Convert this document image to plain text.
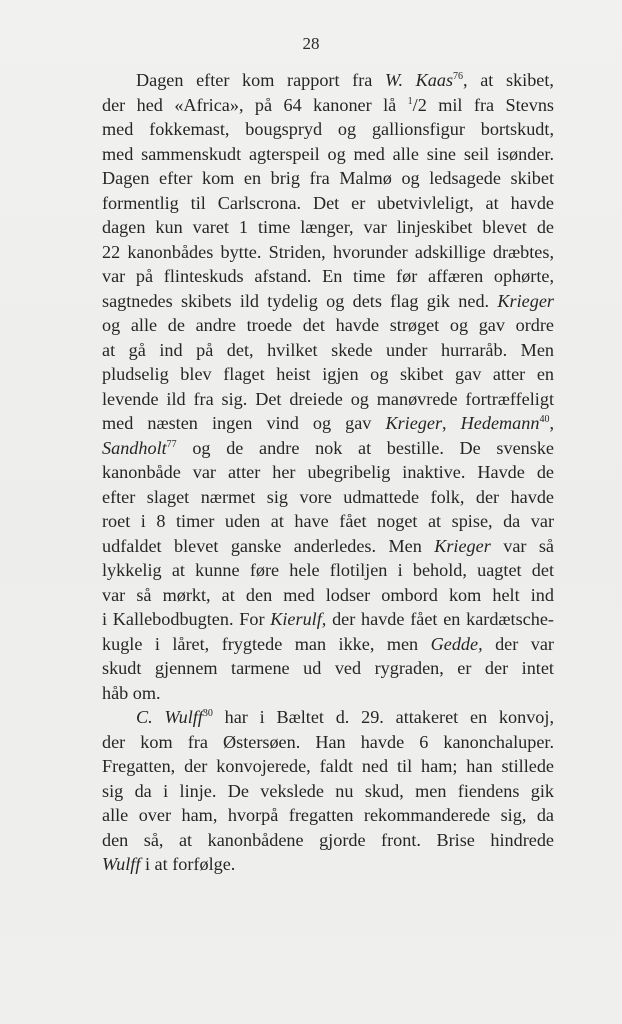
28
Dagen efter kom rapport fra W. Kaas$^{76}$, at skibet,
der hed «Africa», på 64 kanoner lå $^1$/2 mil fra Stevns
med fokkemast, bougspryd og gallionsfigur bortskudt,
med sammenskudt agterspeil og med alle sine seil isønder.
Dagen efter kom en brig fra Malmø og ledsagede skibet
formentlig til Carlscrona. Det er ubetvivleligt, at havde
dagen kun varet 1 time længer, var linjeskibet blevet de
22 kanonbådes bytte. Striden, hvorunder adskillige dræbtes,
var på flinteskuds afstand. En time før affæren ophørte,
sagtnedes skibets ild tydelig og dets flag gik ned. Krieger
og alle de andre troede det havde strøget og gav ordre
at gå ind på det, hvilket skede under hurraråb. Men
pludselig blev flaget heist igjen og skibet gav atter en
levende ild fra sig. Det dreiede og manøvrede fortræffeligt
med næsten ingen vind og gav Krieger, Hedemann$^{40}$,
Sandholt$^{77}$ og de andre nok at bestille. De svenske
kanonbåde var atter her ubegribelig inaktive. Havde de
efter slaget nærmet sig vore udmattede folk, der havde
roet i 8 timer uden at have fået noget at spise, da var
udfaldet blevet ganske anderledes. Men Krieger var så
lykkelig at kunne føre hele flotiljen i behold, uagtet det
var så mørkt, at den med lodser ombord kom helt ind
i Kallebodbugten. For Kierulf, der havde fået en kardætsche-
kugle i låret, frygtede man ikke, men Gedde, der var
skudt gjennem tarmene ud ved rygraden, er der intet
håb om.
C. Wulff$^{30}$ har i Bæltet d. 29. attakeret en konvoj,
der kom fra Østersøen. Han havde 6 kanonchaluper.
Fregatten, der konvojerede, faldt ned til ham; han stillede
sig da i linje. De vekslede nu skud, men fiendens gik
alle over ham, hvorpå fregatten rekommanderede sig, da
den så, at kanonbådene gjorde front. Brise hindrede
Wulff i at forfølge.
